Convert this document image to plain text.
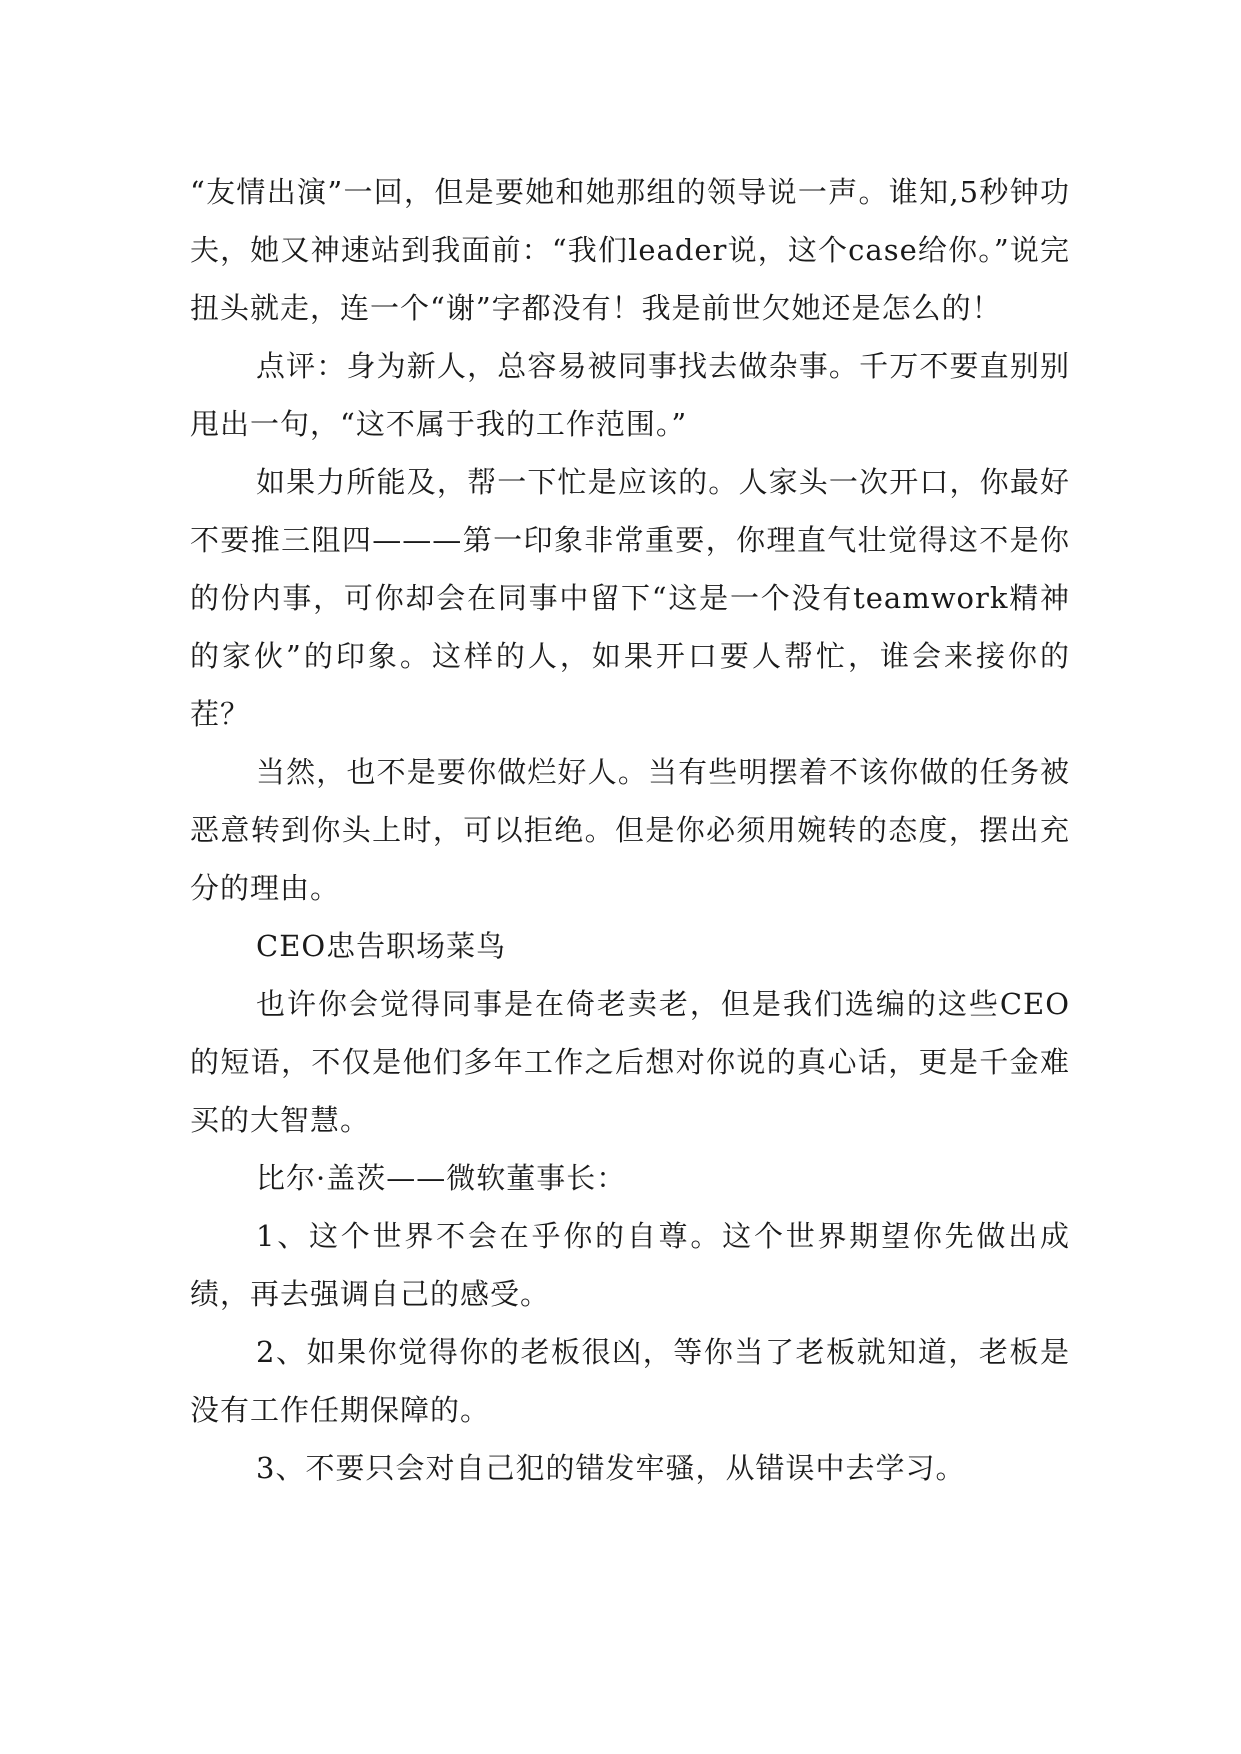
“友情出演”一回，但是要她和她那组的领导说一声。谁知,5秒钟功夫，她又神速站到我面前：“我们leader说，这个case给你。”说完扭头就走，连一个“谢”字都没有！我是前世欠她还是怎么的！

点评：身为新人，总容易被同事找去做杂事。千万不要直别别甩出一句，“这不属于我的工作范围。”

如果力所能及，帮一下忙是应该的。人家头一次开口，你最好不要推三阻四———第一印象非常重要，你理直气壮觉得这不是你的份内事，可你却会在同事中留下“这是一个没有teamwork精神的家伙”的印象。这样的人，如果开口要人帮忙，谁会来接你的茬？

当然，也不是要你做烂好人。当有些明摆着不该你做的任务被恶意转到你头上时，可以拒绝。但是你必须用婉转的态度，摆出充分的理由。

CEO忠告职场菜鸟

也许你会觉得同事是在倚老卖老，但是我们选编的这些CEO的短语，不仅是他们多年工作之后想对你说的真心话，更是千金难买的大智慧。

比尔·盖茨——微软董事长：

1、这个世界不会在乎你的自尊。这个世界期望你先做出成绩，再去强调自己的感受。

2、如果你觉得你的老板很凶，等你当了老板就知道，老板是没有工作任期保障的。

3、不要只会对自己犯的错发牢骚，从错误中去学习。
